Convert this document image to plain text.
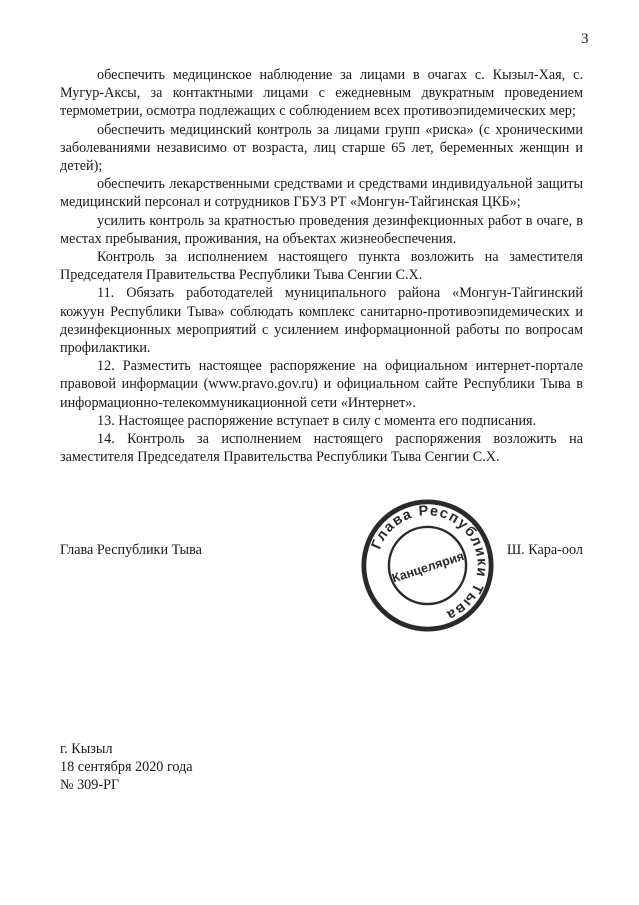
3

обеспечить медицинское наблюдение за лицами в очагах с. Кызыл-Хая, с. Мугур-Аксы, за контактными лицами с ежедневным двукратным проведением термометрии, осмотра подлежащих с соблюдением всех противоэпидемических мер;

обеспечить медицинский контроль за лицами групп «риска» (с хроническими заболеваниями независимо от возраста, лиц старше 65 лет, беременных женщин и детей);

обеспечить лекарственными средствами и средствами индивидуальной защиты медицинский персонал и сотрудников ГБУЗ РТ «Монгун-Тайгинская ЦКБ»;

усилить контроль за кратностью проведения дезинфекционных работ в очаге, в местах пребывания, проживания, на объектах жизнеобеспечения.

Контроль за исполнением настоящего пункта возложить на заместителя Председателя Правительства Республики Тыва Сенгии С.Х.

11. Обязать работодателей муниципального района «Монгун-Тайгинский кожуун Республики Тыва» соблюдать комплекс санитарно-противоэпидемических и дезинфекционных мероприятий с усилением информационной работы по вопросам профилактики.

12. Разместить настоящее распоряжение на официальном интернет-портале правовой информации (www.pravo.gov.ru) и официальном сайте Республики Тыва в информационно-телекоммуникационной сети «Интернет».

13. Настоящее распоряжение вступает в силу с момента его подписания.

14. Контроль за исполнением настоящего распоряжения возложить на заместителя Председателя Правительства Республики Тыва Сенгии С.Х.

Глава Республики Тыва	Ш. Кара-оол
Глава Республики Тыва
Канцелярия
г. Кызыл
18 сентября 2020 года
№ 309-РГ
